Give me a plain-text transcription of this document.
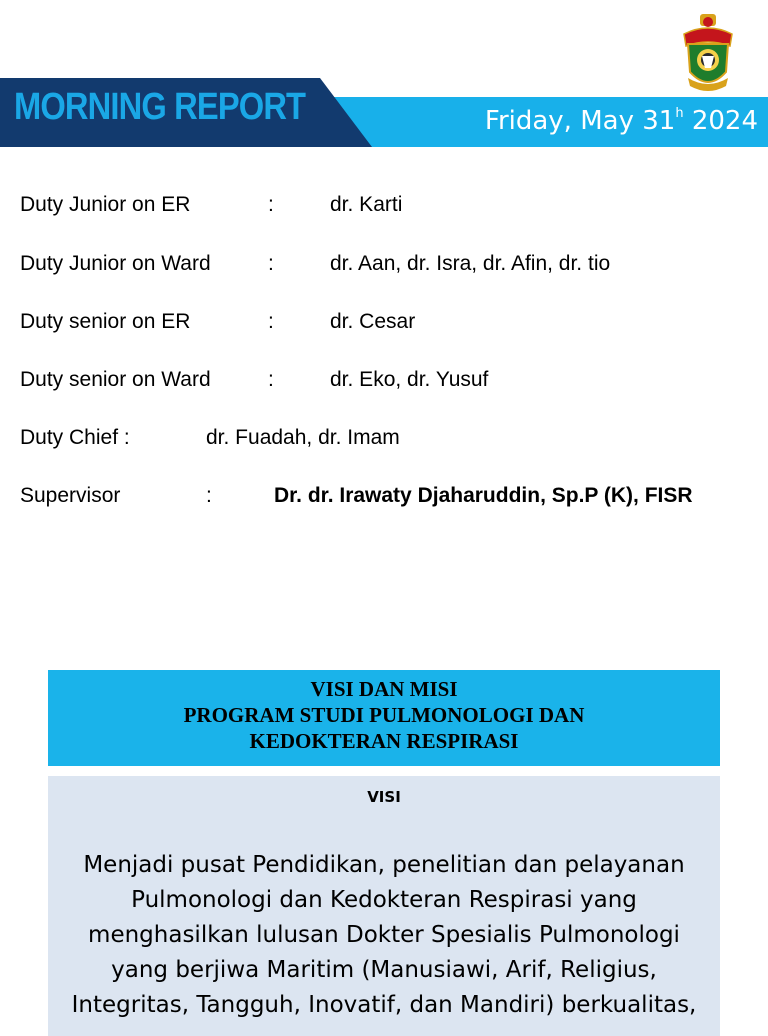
MORNING REPORT	Friday, May 31$^h$ 2024
Duty Junior on ER	:	dr. Karti
Duty Junior on Ward	:	dr. Aan, dr. Isra, dr. Afin, dr. tio
Duty senior on ER	:	dr. Cesar
Duty senior on Ward	:	dr. Eko, dr. Yusuf
Duty Chief :	dr. Fuadah, dr. Imam
Supervisor	:	Dr. dr. Irawaty Djaharuddin, Sp.P (K), FISR
VISI DAN MISI
PROGRAM STUDI PULMONOLOGI DAN
KEDOKTERAN RESPIRASI
VISI
Menjadi pusat Pendidikan, penelitian dan pelayanan
Pulmonologi dan Kedokteran Respirasi yang
menghasilkan lulusan Dokter Spesialis Pulmonologi
yang berjiwa Maritim (Manusiawi, Arif, Religius,
Integritas, Tangguh, Inovatif, dan Mandiri) berkualitas,
